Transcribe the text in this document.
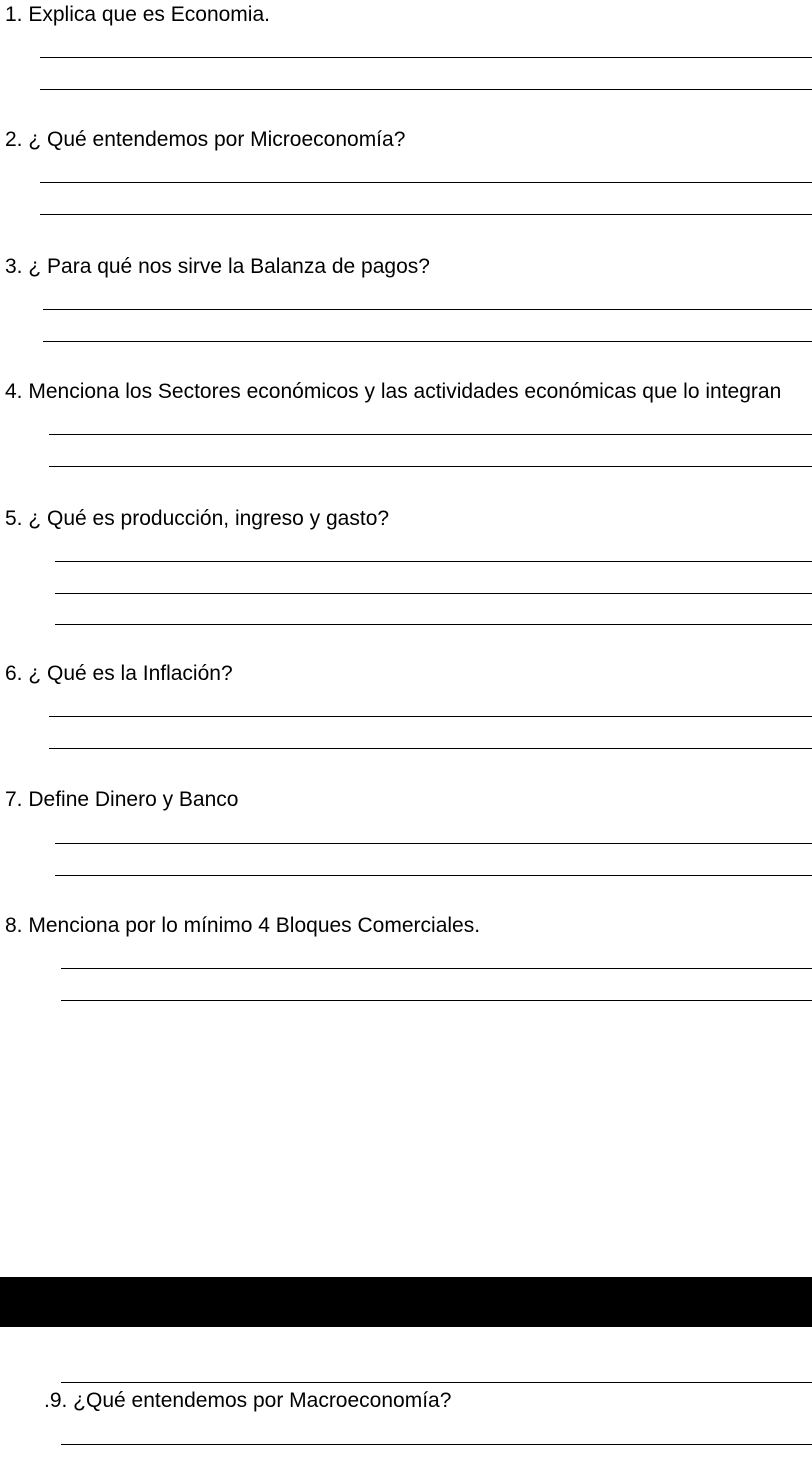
1. Explica que es Economia.
2. ¿ Qué entendemos por Microeconomía?
3. ¿ Para qué nos sirve la Balanza de pagos?
4. Menciona los Sectores económicos y las actividades económicas que lo integran
5. ¿ Qué es producción, ingreso y gasto?
6. ¿ Qué es la Inflación?
7. Define Dinero y Banco
8. Menciona por lo mínimo 4 Bloques Comerciales.
.9. ¿Qué entendemos por Macroeconomía?
